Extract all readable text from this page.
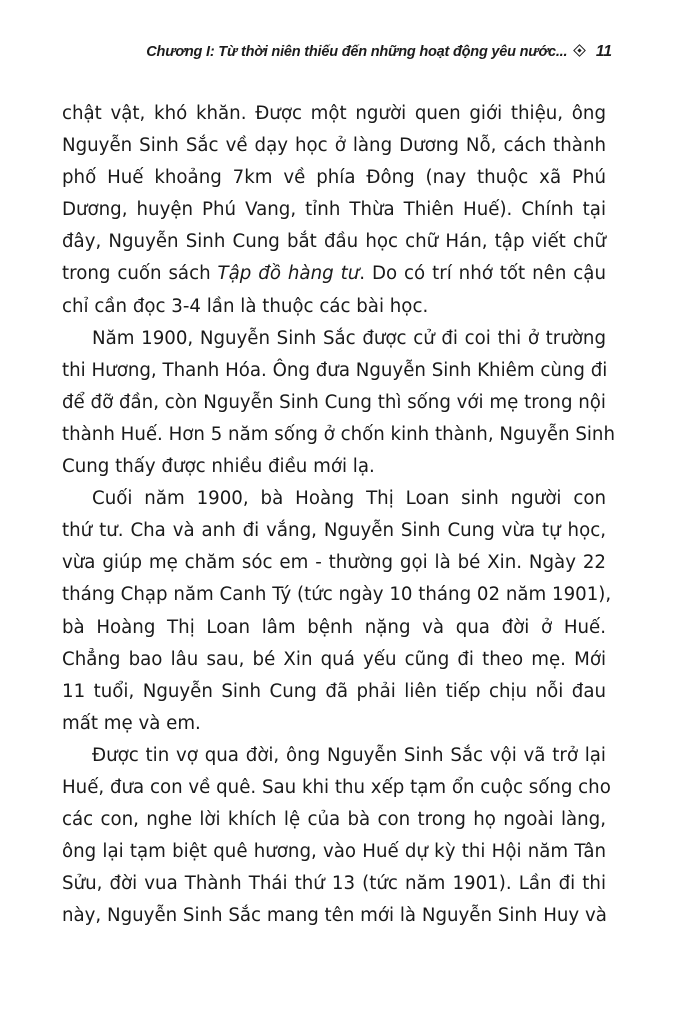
Chương I: Từ thời niên thiếu đến những hoạt động yêu nước...	11

chật vật, khó khăn. Được một người quen giới thiệu, ông

Nguyễn Sinh Sắc về dạy học ở làng Dương Nỗ, cách thành

phố Huế khoảng 7km về phía Đông (nay thuộc xã Phú

Dương, huyện Phú Vang, tỉnh Thừa Thiên Huế). Chính tại

đây, Nguyễn Sinh Cung bắt đầu học chữ Hán, tập viết chữ

trong cuốn sách Tập đồ hàng tư. Do có trí nhớ tốt nên cậu

chỉ cần đọc 3-4 lần là thuộc các bài học.

Năm 1900, Nguyễn Sinh Sắc được cử đi coi thi ở trường

thi Hương, Thanh Hóa. Ông đưa Nguyễn Sinh Khiêm cùng đi

để đỡ đần, còn Nguyễn Sinh Cung thì sống với mẹ trong nội

thành Huế. Hơn 5 năm sống ở chốn kinh thành, Nguyễn Sinh

Cung thấy được nhiều điều mới lạ.

Cuối năm 1900, bà Hoàng Thị Loan sinh người con

thứ tư. Cha và anh đi vắng, Nguyễn Sinh Cung vừa tự học,

vừa giúp mẹ chăm sóc em - thường gọi là bé Xin. Ngày 22

tháng Chạp năm Canh Tý (tức ngày 10 tháng 02 năm 1901),

bà Hoàng Thị Loan lâm bệnh nặng và qua đời ở Huế.

Chẳng bao lâu sau, bé Xin quá yếu cũng đi theo mẹ. Mới

11 tuổi, Nguyễn Sinh Cung đã phải liên tiếp chịu nỗi đau

mất mẹ và em.

Được tin vợ qua đời, ông Nguyễn Sinh Sắc vội vã trở lại

Huế, đưa con về quê. Sau khi thu xếp tạm ổn cuộc sống cho

các con, nghe lời khích lệ của bà con trong họ ngoài làng,

ông lại tạm biệt quê hương, vào Huế dự kỳ thi Hội năm Tân

Sửu, đời vua Thành Thái thứ 13 (tức năm 1901). Lần đi thi

này, Nguyễn Sinh Sắc mang tên mới là Nguyễn Sinh Huy và
